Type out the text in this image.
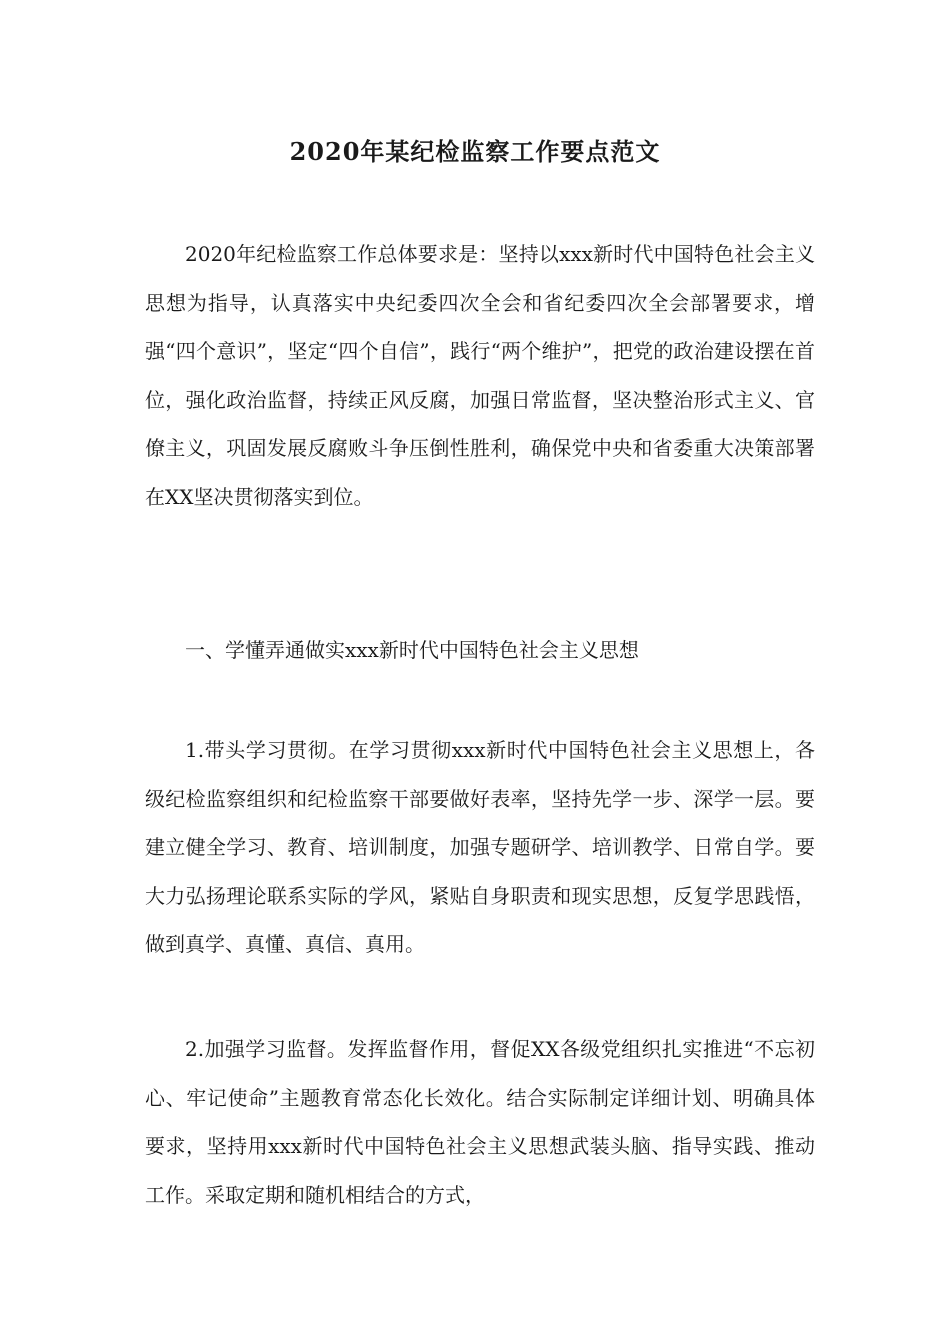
2020年某纪检监察工作要点范文

2020年纪检监察工作总体要求是：坚持以xxx新时代中国特色社会主义思想为指导，认真落实中央纪委四次全会和省纪委四次全会部署要求，增强“四个意识”，坚定“四个自信”，践行“两个维护”，把党的政治建设摆在首位，强化政治监督，持续正风反腐，加强日常监督，坚决整治形式主义、官僚主义，巩固发展反腐败斗争压倒性胜利，确保党中央和省委重大决策部署在XX坚决贯彻落实到位。

一、学懂弄通做实xxx新时代中国特色社会主义思想

1.带头学习贯彻。在学习贯彻xxx新时代中国特色社会主义思想上，各级纪检监察组织和纪检监察干部要做好表率，坚持先学一步、深学一层。要建立健全学习、教育、培训制度，加强专题研学、培训教学、日常自学。要大力弘扬理论联系实际的学风，紧贴自身职责和现实思想，反复学思践悟，做到真学、真懂、真信、真用。

2.加强学习监督。发挥监督作用，督促XX各级党组织扎实推进“不忘初心、牢记使命”主题教育常态化长效化。结合实际制定详细计划、明确具体要求，坚持用xxx新时代中国特色社会主义思想武装头脑、指导实践、推动工作。采取定期和随机相结合的方式，
